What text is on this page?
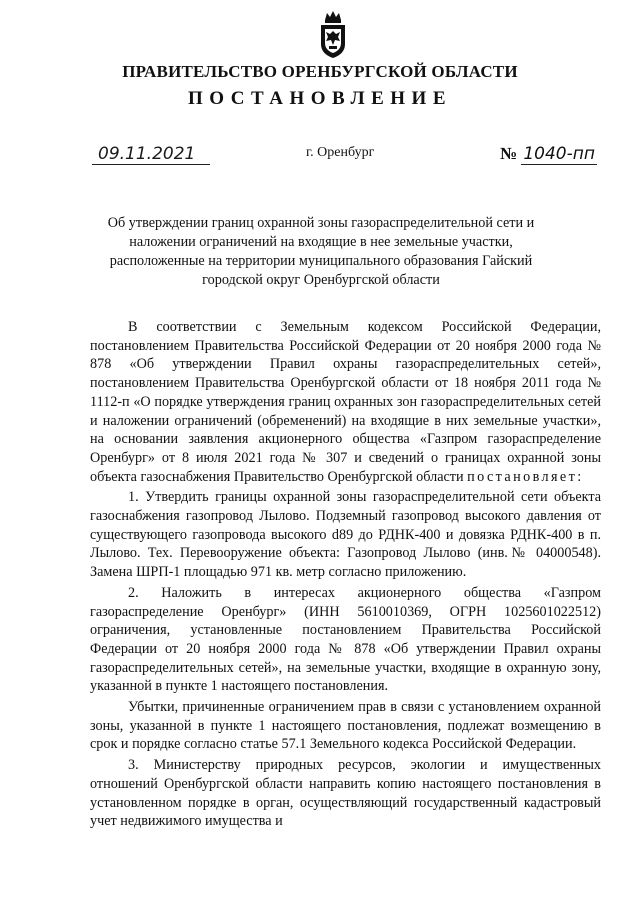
ПРАВИТЕЛЬСТВО ОРЕНБУРГСКОЙ ОБЛАСТИ
ПОСТАНОВЛЕНИЕ
09.11.2021	г. Оренбург	№ 1040-пп
Об утверждении границ охранной зоны газораспределительной сети и наложении ограничений на входящие в нее земельные участки, расположенные на территории муниципального образования Гайский городской округ Оренбургской области

В соответствии с Земельным кодексом Российской Федерации, постановлением Правительства Российской Федерации от 20 ноября 2000 года № 878 «Об утверждении Правил охраны газораспределительных сетей», постановлением Правительства Оренбургской области от 18 ноября 2011 года № 1112-п «О порядке утверждения границ охранных зон газораспределительных сетей и наложении ограничений (обременений) на входящие в них земельные участки», на основании заявления акционерного общества «Газпром газораспределение Оренбург» от 8 июля 2021 года № 307 и сведений о границах охранной зоны объекта газоснабжения Правительство Оренбургской области постановляет:

1. Утвердить границы охранной зоны газораспределительной сети объекта газоснабжения газопровод Лылово. Подземный газопровод высокого давления от существующего газопровода высокого d89 до РДНК-400 и довязка РДНК-400 в п. Лылово. Тех. Перевооружение объекта: Газопровод Лылово (инв.№ 04000548). Замена ШРП-1 площадью 971 кв. метр согласно приложению.

2. Наложить в интересах акционерного общества «Газпром газораспределение Оренбург» (ИНН 5610010369, ОГРН 1025601022512) ограничения, установленные постановлением Правительства Российской Федерации от 20 ноября 2000 года № 878 «Об утверждении Правил охраны газораспределительных сетей», на земельные участки, входящие в охранную зону, указанной в пункте 1 настоящего постановления.

Убытки, причиненные ограничением прав в связи с установлением охранной зоны, указанной в пункте 1 настоящего постановления, подлежат возмещению в срок и порядке согласно статье 57.1 Земельного кодекса Российской Федерации.

3. Министерству природных ресурсов, экологии и имущественных отношений Оренбургской области направить копию настоящего постановления в установленном порядке в орган, осуществляющий государственный кадастровый учет недвижимого имущества и
